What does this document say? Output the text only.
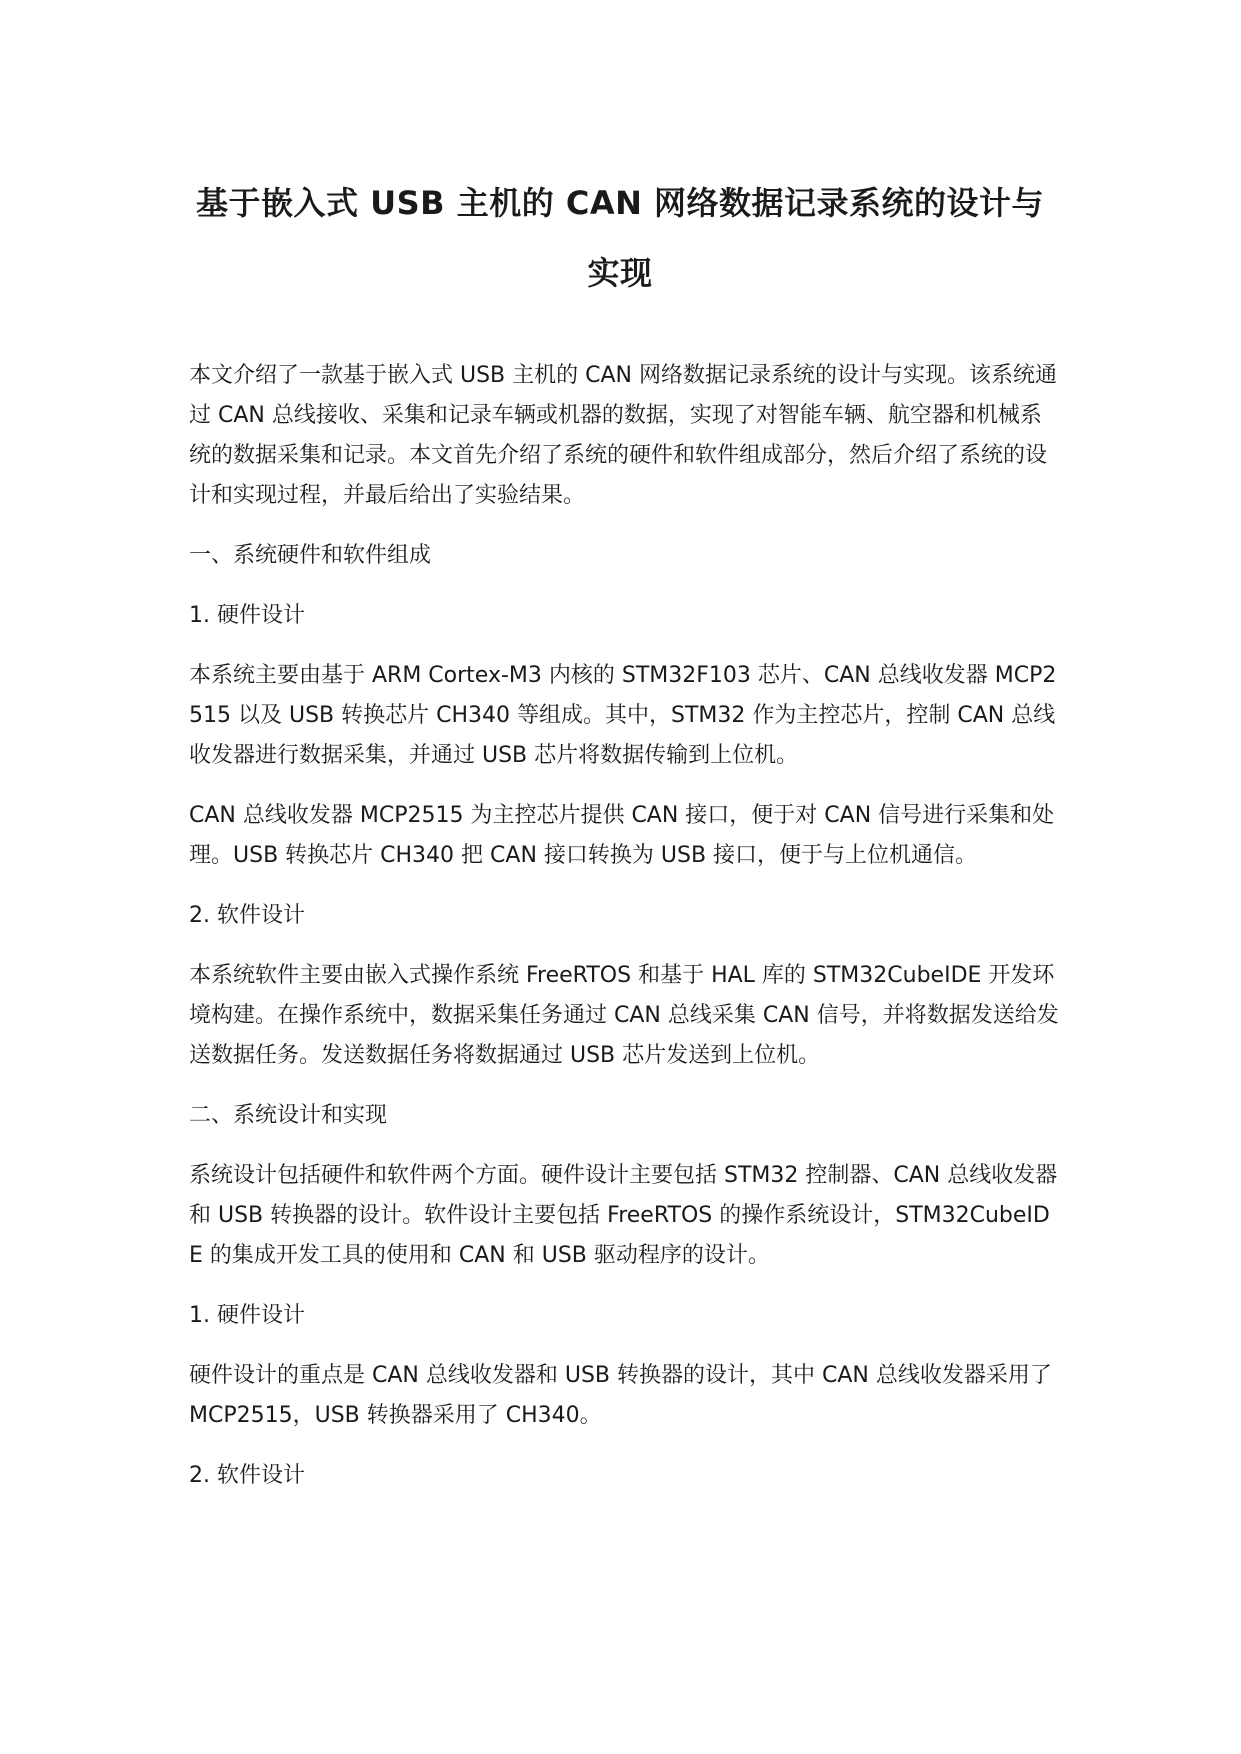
基于嵌入式 USB 主机的 CAN 网络数据记录系统的设计与
实现

本文介绍了一款基于嵌入式 USB 主机的 CAN 网络数据记录系统的设计与实现。该系统通过 CAN 总线接收、采集和记录车辆或机器的数据，实现了对智能车辆、航空器和机械系统的数据采集和记录。本文首先介绍了系统的硬件和软件组成部分，然后介绍了系统的设计和实现过程，并最后给出了实验结果。

一、系统硬件和软件组成
1. 硬件设计

本系统主要由基于 ARM Cortex-M3 内核的 STM32F103 芯片、CAN 总线收发器 MCP2515 以及 USB 转换芯片 CH340 等组成。其中，STM32 作为主控芯片，控制 CAN 总线收发器进行数据采集，并通过 USB 芯片将数据传输到上位机。

CAN 总线收发器 MCP2515 为主控芯片提供 CAN 接口，便于对 CAN 信号进行采集和处理。USB 转换芯片 CH340 把 CAN 接口转换为 USB 接口，便于与上位机通信。

2. 软件设计

本系统软件主要由嵌入式操作系统 FreeRTOS 和基于 HAL 库的 STM32CubeIDE 开发环境构建。在操作系统中，数据采集任务通过 CAN 总线采集 CAN 信号，并将数据发送给发送数据任务。发送数据任务将数据通过 USB 芯片发送到上位机。

二、系统设计和实现

系统设计包括硬件和软件两个方面。硬件设计主要包括 STM32 控制器、CAN 总线收发器和 USB 转换器的设计。软件设计主要包括 FreeRTOS 的操作系统设计，STM32CubeIDE 的集成开发工具的使用和 CAN 和 USB 驱动程序的设计。

1. 硬件设计

硬件设计的重点是 CAN 总线收发器和 USB 转换器的设计，其中 CAN 总线收发器采用了 MCP2515，USB 转换器采用了 CH340。

2. 软件设计
